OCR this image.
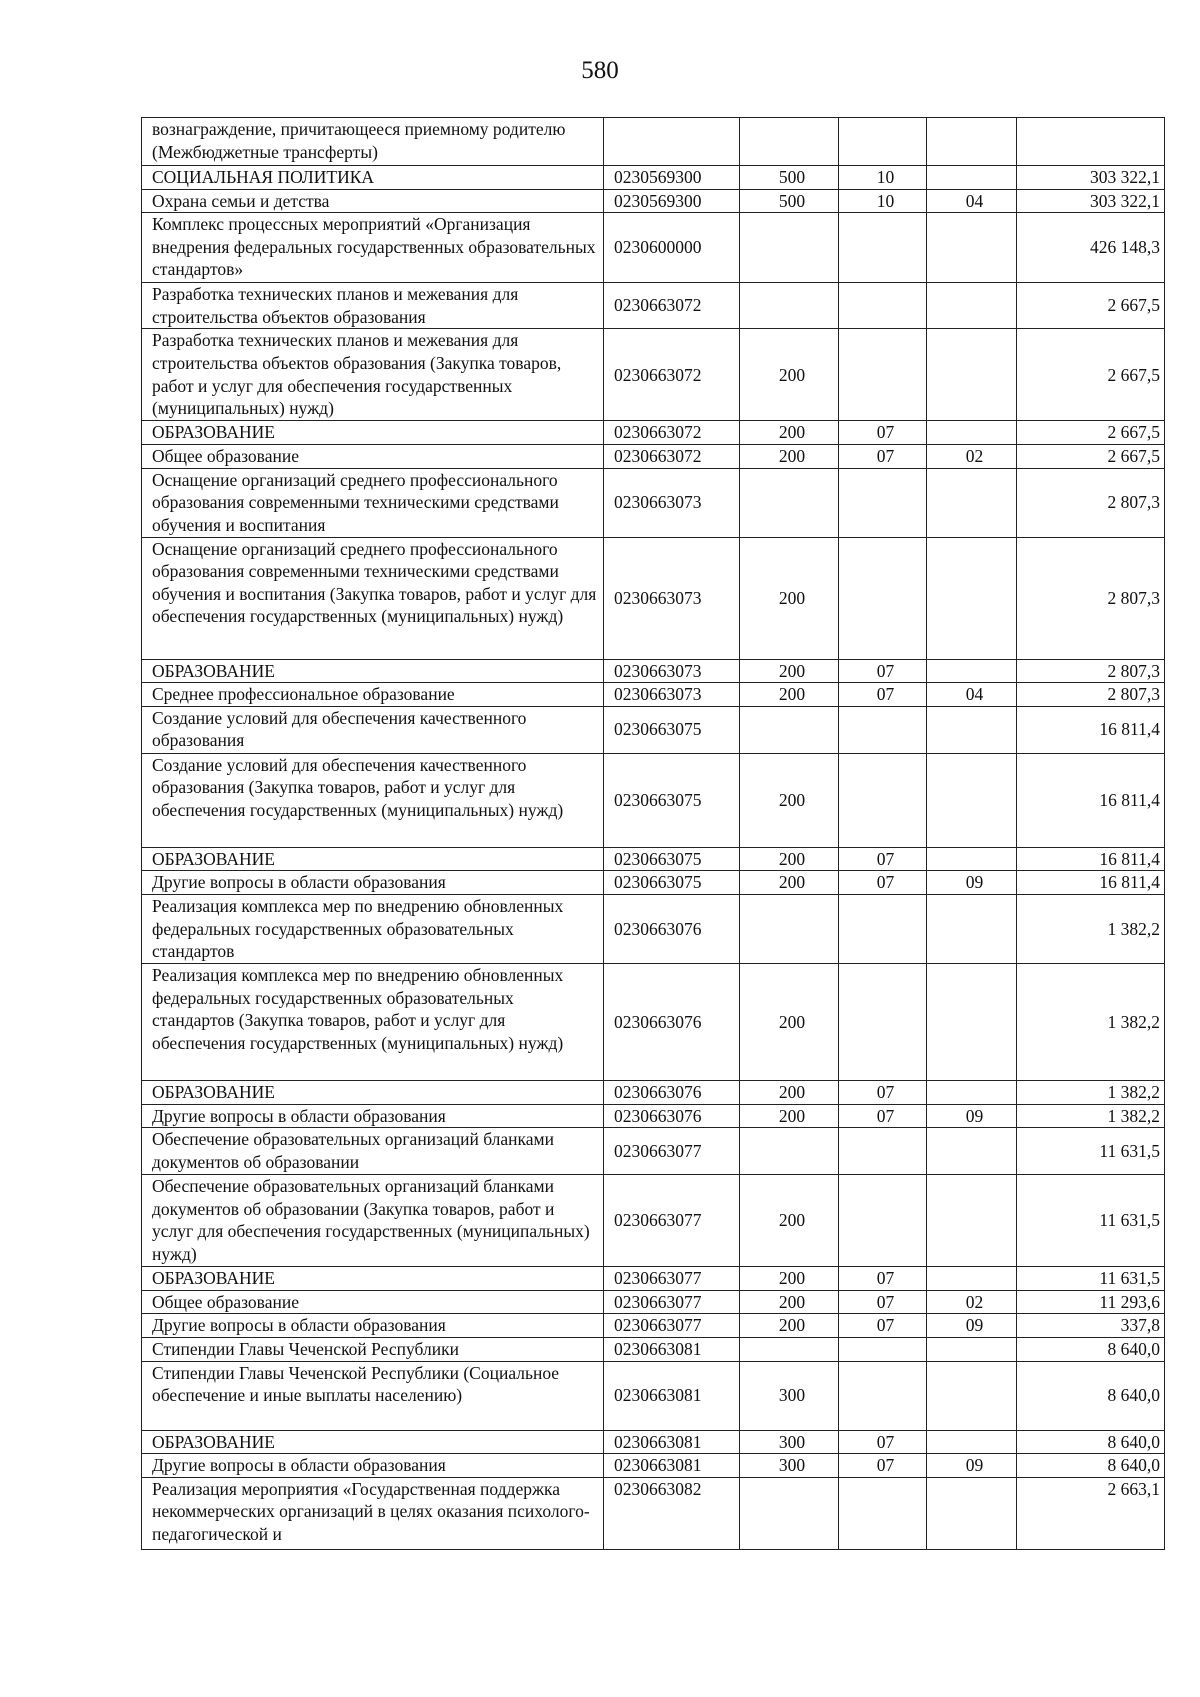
580
вознаграждение, причитающееся приемному родителю (Межбюджетные трансферты)					
СОЦИАЛЬНАЯ ПОЛИТИКА	0230569300	500	10		303 322,1
Охрана семьи и детства	0230569300	500	10	04	303 322,1
Комплекс процессных мероприятий «Организация внедрения федеральных государственных образовательных стандартов»	0230600000				426 148,3
Разработка технических планов и межевания для строительства объектов образования	0230663072				2 667,5
Разработка технических планов и межевания для строительства объектов образования (Закупка товаров, работ и услуг для обеспечения государственных (муниципальных) нужд)	0230663072	200			2 667,5
ОБРАЗОВАНИЕ	0230663072	200	07		2 667,5
Общее образование	0230663072	200	07	02	2 667,5
Оснащение организаций среднего профессионального образования современными техническими средствами обучения и воспитания	0230663073				2 807,3
Оснащение организаций среднего профессионального образования современными техническими средствами обучения и воспитания (Закупка товаров, работ и услуг для обеспечения государственных (муниципальных) нужд)	0230663073	200			2 807,3
ОБРАЗОВАНИЕ	0230663073	200	07		2 807,3
Среднее профессиональное образование	0230663073	200	07	04	2 807,3
Создание условий для обеспечения качественного образования	0230663075				16 811,4
Создание условий для обеспечения качественного образования (Закупка товаров, работ и услуг для обеспечения государственных (муниципальных) нужд)	0230663075	200			16 811,4
ОБРАЗОВАНИЕ	0230663075	200	07		16 811,4
Другие вопросы в области образования	0230663075	200	07	09	16 811,4
Реализация комплекса мер по внедрению обновленных федеральных государственных образовательных стандартов	0230663076				1 382,2
Реализация комплекса мер по внедрению обновленных федеральных государственных образовательных стандартов (Закупка товаров, работ и услуг для обеспечения государственных (муниципальных) нужд)	0230663076	200			1 382,2
ОБРАЗОВАНИЕ	0230663076	200	07		1 382,2
Другие вопросы в области образования	0230663076	200	07	09	1 382,2
Обеспечение образовательных организаций бланками документов об образовании	0230663077				11 631,5
Обеспечение образовательных организаций бланками документов об образовании (Закупка товаров, работ и услуг для обеспечения государственных (муниципальных) нужд)	0230663077	200			11 631,5
ОБРАЗОВАНИЕ	0230663077	200	07		11 631,5
Общее образование	0230663077	200	07	02	11 293,6
Другие вопросы в области образования	0230663077	200	07	09	337,8
Стипендии Главы Чеченской Республики	0230663081				8 640,0
Стипендии Главы Чеченской Республики (Социальное обеспечение и иные выплаты населению)	0230663081	300			8 640,0
ОБРАЗОВАНИЕ	0230663081	300	07		8 640,0
Другие вопросы в области образования	0230663081	300	07	09	8 640,0
Реализация мероприятия «Государственная поддержка некоммерческих организаций в целях оказания психолого-педагогической и	0230663082				2 663,1
